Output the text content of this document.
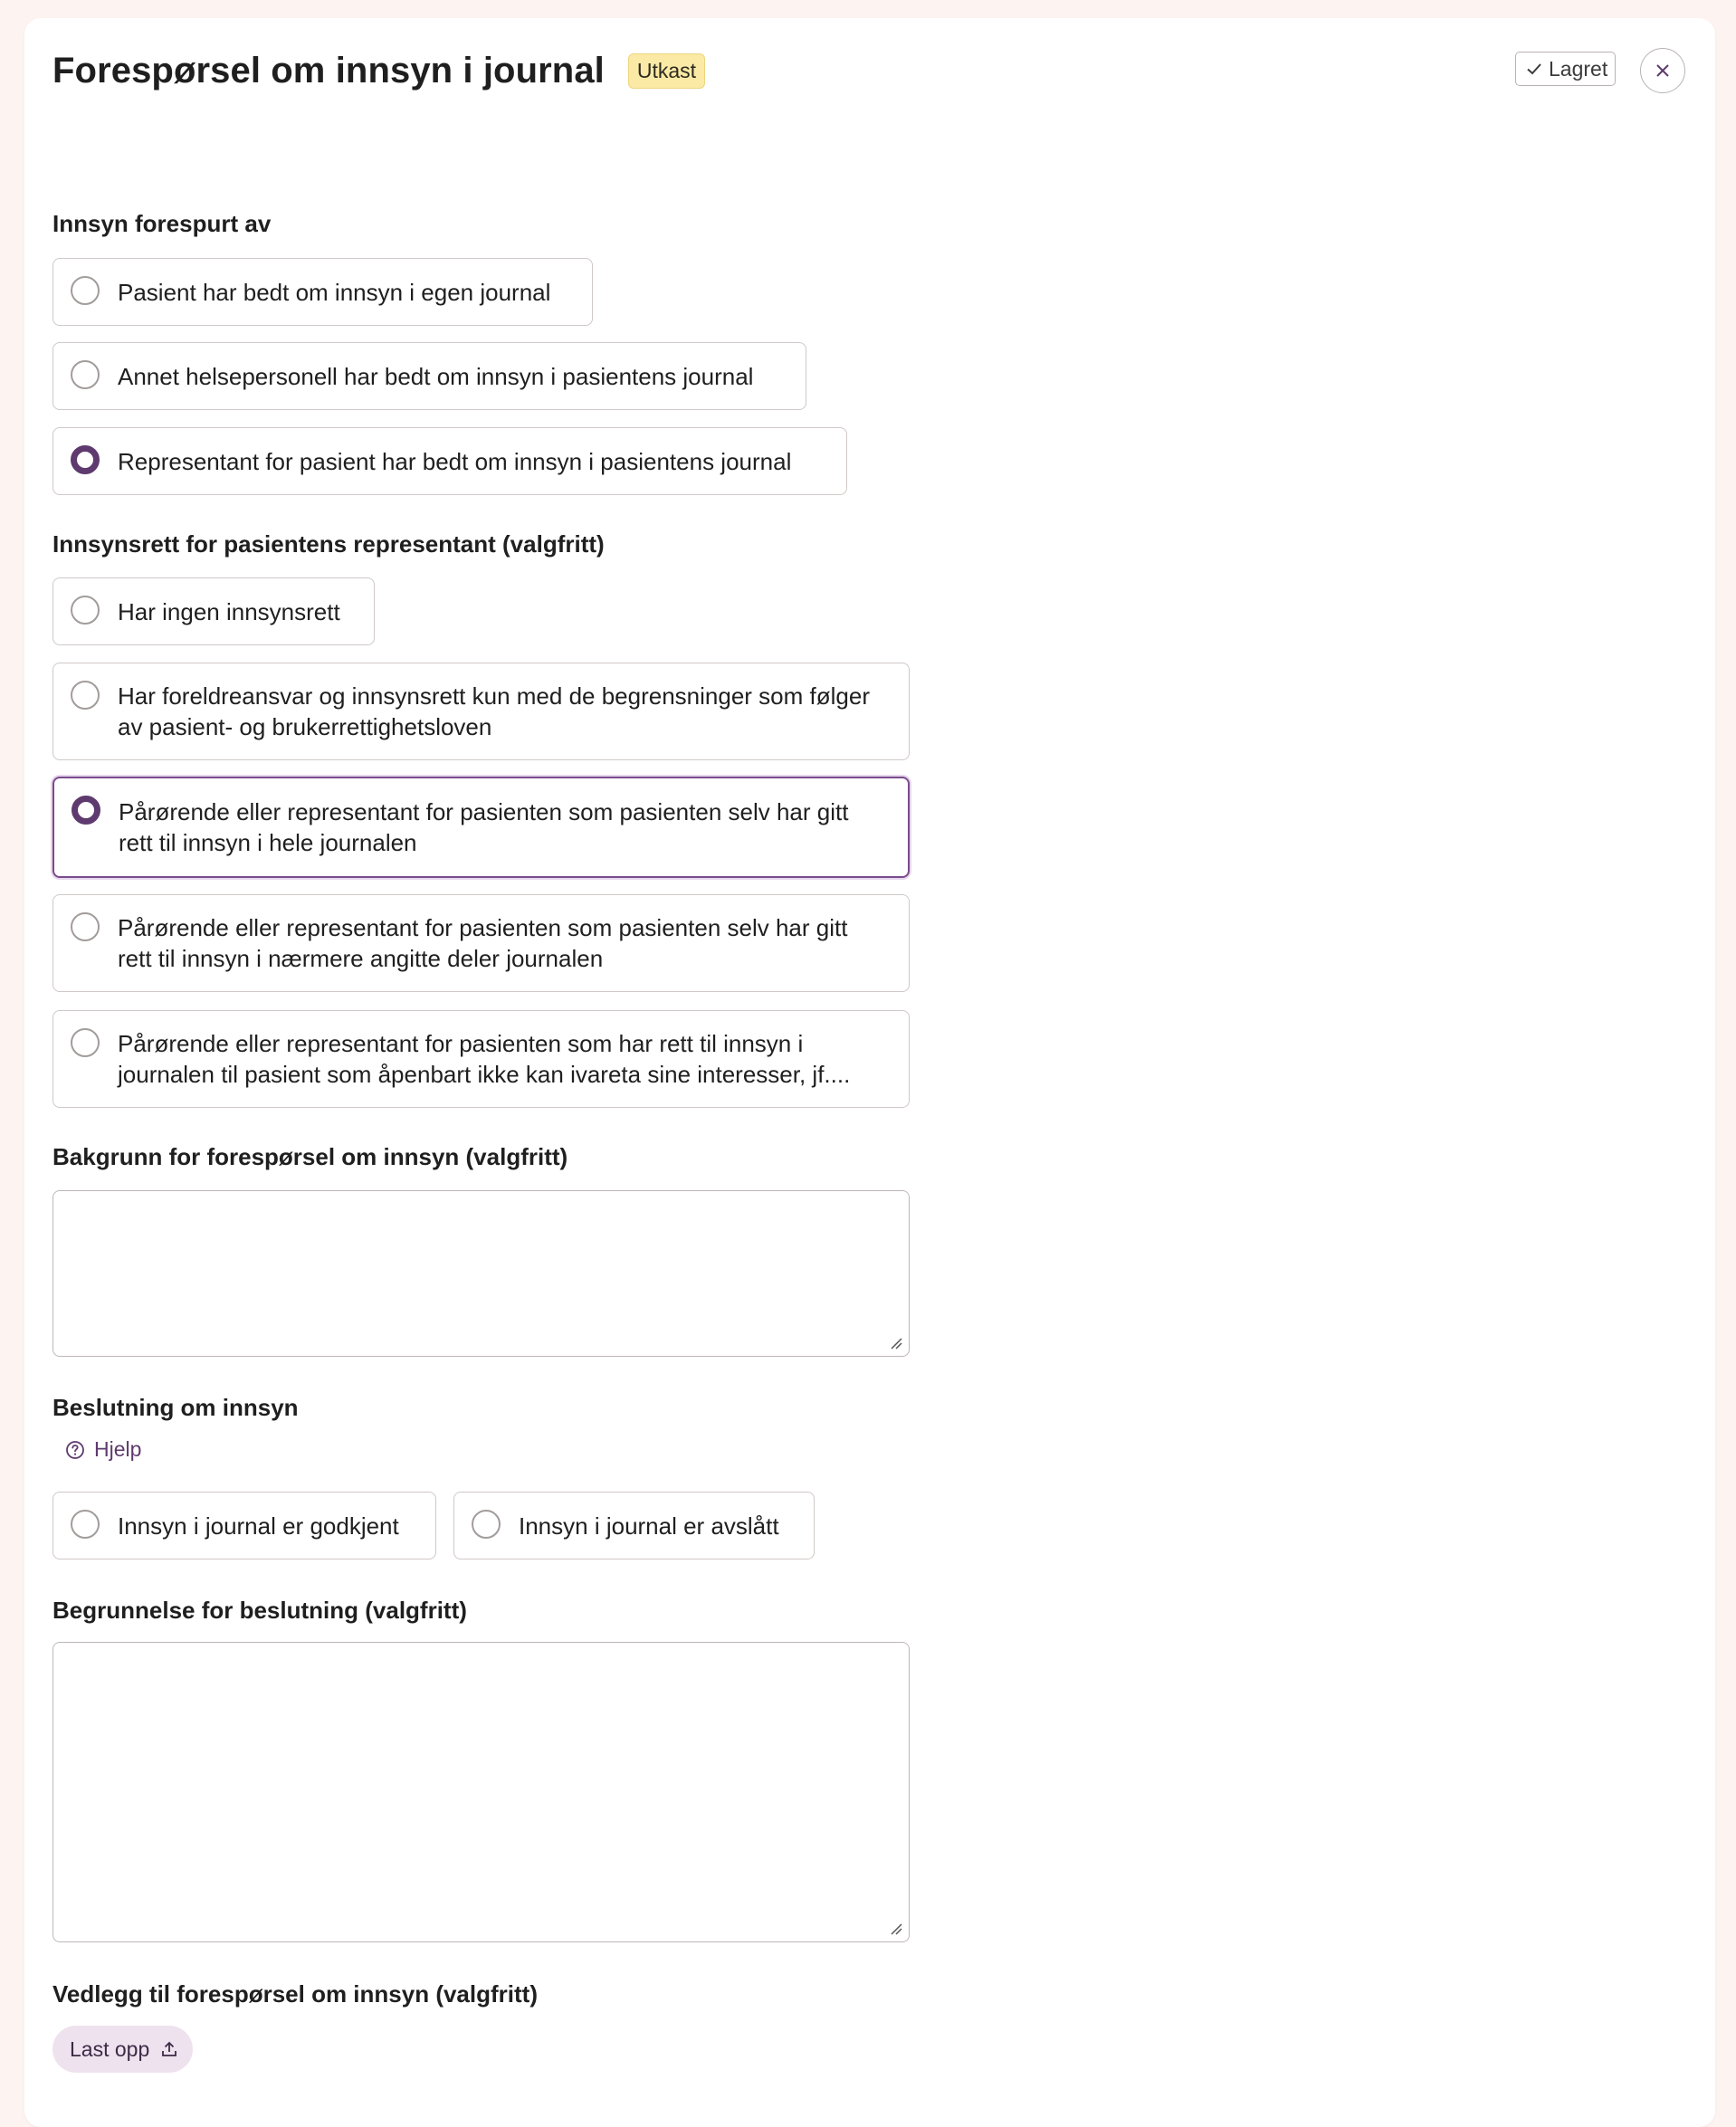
Forespørsel om innsyn i journal	Utkast	Lagret
Innsyn forespurt av
Pasient har bedt om innsyn i egen journal
Annet helsepersonell har bedt om innsyn i pasientens journal
Representant for pasient har bedt om innsyn i pasientens journal
Innsynsrett for pasientens representant (valgfritt)
Har ingen innsynsrett
Har foreldreansvar og innsynsrett kun med de begrensninger som følger av pasient- og brukerrettighetsloven
Pårørende eller representant for pasienten som pasienten selv har gitt rett til innsyn i hele journalen
Pårørende eller representant for pasienten som pasienten selv har gitt rett til innsyn i nærmere angitte deler journalen
Pårørende eller representant for pasienten som har rett til innsyn i journalen til pasient som åpenbart ikke kan ivareta sine interesser, jf....
Bakgrunn for forespørsel om innsyn (valgfritt)
Beslutning om innsyn
Hjelp
Innsyn i journal er godkjent	Innsyn i journal er avslått
Begrunnelse for beslutning (valgfritt)
Vedlegg til forespørsel om innsyn (valgfritt)
Last opp
